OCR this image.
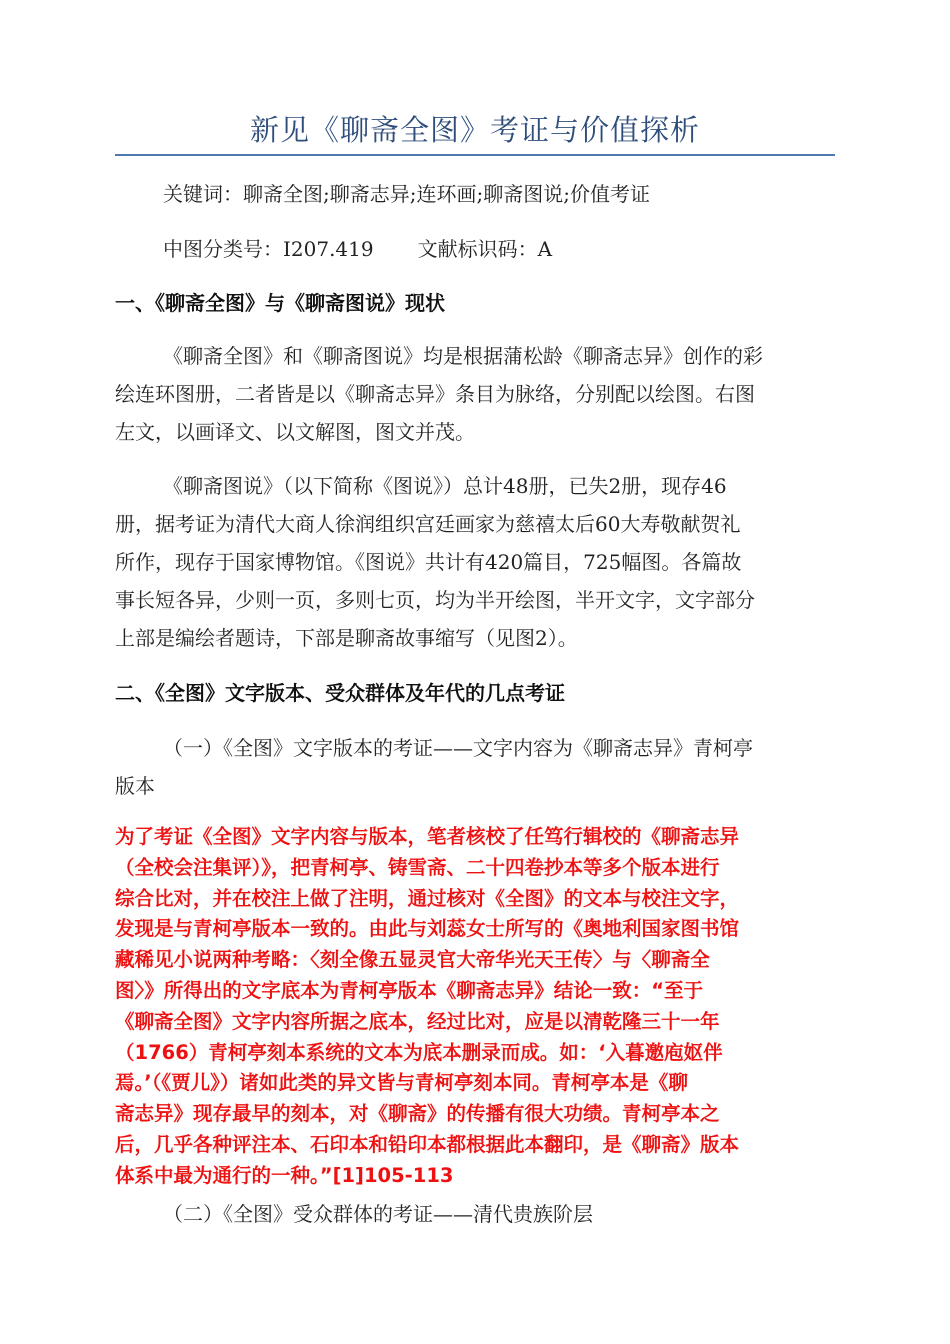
新见《聊斋全图》考证与价值探析
关键词：聊斋全图;聊斋志异;连环画;聊斋图说;价值考证
中图分类号：I207.419 文献标识码：A
一、《聊斋全图》与《聊斋图说》现状
《聊斋全图》和《聊斋图说》均是根据蒲松龄《聊斋志异》创作的彩
绘连环图册，二者皆是以《聊斋志异》条目为脉络，分别配以绘图。右图
左文，以画译文、以文解图，图文并茂。
《聊斋图说》（以下简称《图说》）总计48册，已失2册，现存46
册，据考证为清代大商人徐润组织宫廷画家为慈禧太后60大寿敬献贺礼
所作，现存于国家博物馆。《图说》共计有420篇目，725幅图。各篇故
事长短各异，少则一页，多则七页，均为半开绘图，半开文字，文字部分
上部是编绘者题诗，下部是聊斋故事缩写（见图2）。
二、《全图》文字版本、受众群体及年代的几点考证
（一）《全图》文字版本的考证——文字内容为《聊斋志异》青柯亭
版本
为了考证《全图》文字内容与版本，笔者核校了任笃行辑校的《聊斋志异
（全校会注集评）》，把青柯亭、铸雪斋、二十四卷抄本等多个版本进行
综合比对，并在校注上做了注明，通过核对《全图》的文本与校注文字，
发现是与青柯亭版本一致的。由此与刘蕊女士所写的《奥地利国家图书馆
藏稀见小说两种考略：〈刻全像五显灵官大帝华光天王传〉与〈聊斋全
图〉》所得出的文字底本为青柯亭版本《聊斋志异》结论一致：“至于
《聊斋全图》文字内容所据之底本，经过比对，应是以清乾隆三十一年
（1766）青柯亭刻本系统的文本为底本删录而成。如：‘入暮邀庖妪伴
焉。’（《贾儿》）诸如此类的异文皆与青柯亭刻本同。青柯亭本是《聊
斋志异》现存最早的刻本，对《聊斋》的传播有很大功绩。青柯亭本之
后，几乎各种评注本、石印本和铅印本都根据此本翻印，是《聊斋》版本
体系中最为通行的一种。”[1]105-113
（二）《全图》受众群体的考证——清代贵族阶层
